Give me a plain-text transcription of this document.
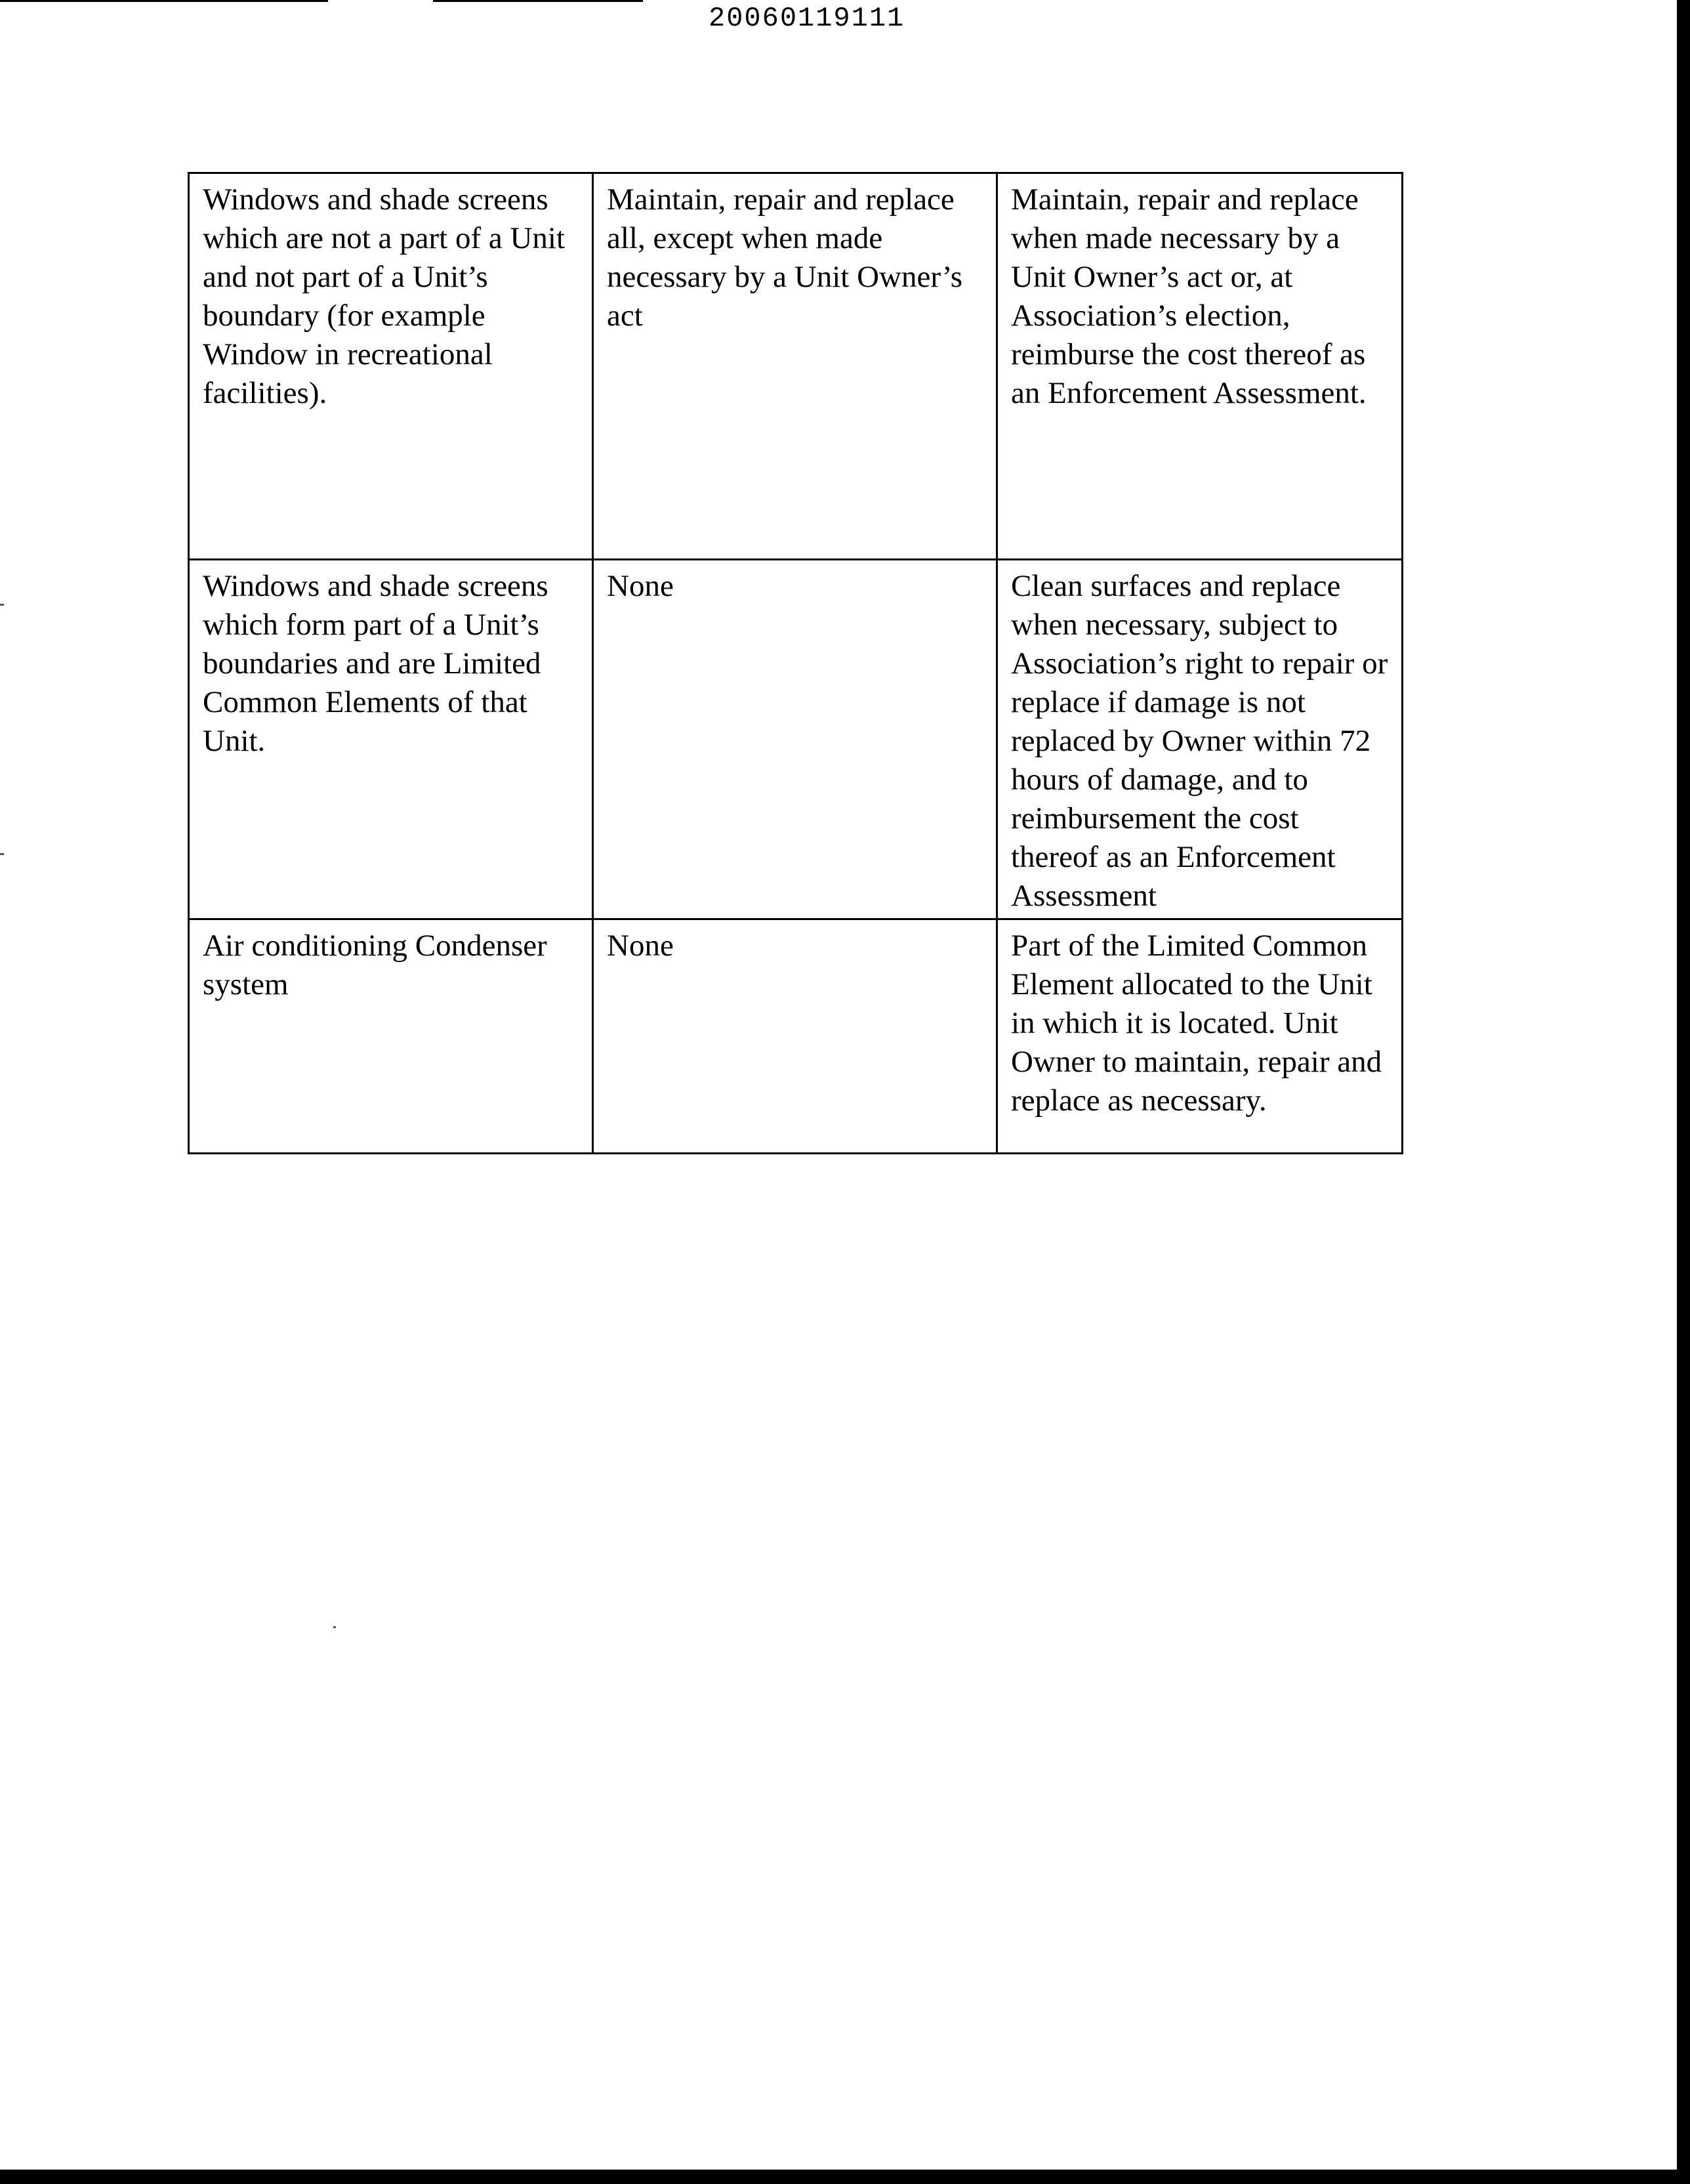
20060119111
Windows and shade screens which are not a part of a Unit and not part of a Unit’s boundary (for example Window in recreational facilities).	Maintain, repair and replace all, except when made necessary by a Unit Owner’s act	Maintain, repair and replace when made necessary by a Unit Owner’s act or, at Association’s election, reimburse the cost thereof as an Enforcement Assessment.
Windows and shade screens which form part of a Unit’s boundaries and are Limited Common Elements of that Unit.	None	Clean surfaces and replace when necessary, subject to Association’s right to repair or replace if damage is not replaced by Owner within 72 hours of damage, and to reimbursement the cost thereof as an Enforcement Assessment
Air conditioning Condenser system	None	Part of the Limited Common Element allocated to the Unit in which it is located. Unit Owner to maintain, repair and replace as necessary.
